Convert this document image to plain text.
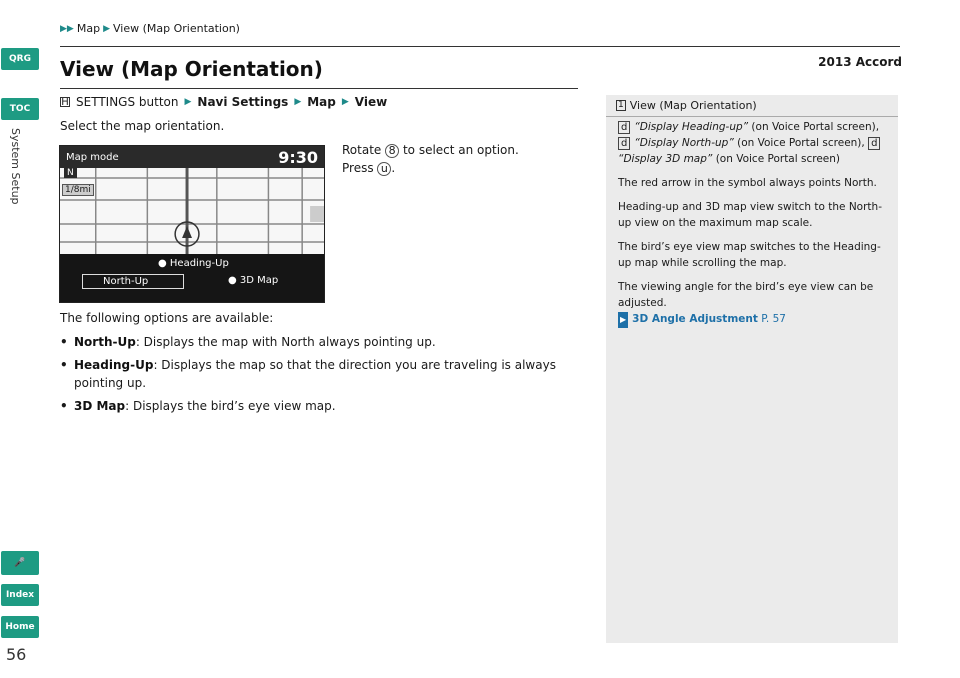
QRG
TOC
System Setup
🎤
Index
Home
56
▶▶ Map ▶ View (Map Orientation)
2013 Accord
View (Map Orientation)
H SETTINGS button ▶ Navi Settings ▶ Map ▶ View
Select the map orientation.
Map mode	9:30
N
1/8mi
● Heading-Up
North-Up	● 3D Map
Rotate 8 to select an option.
Press u .
The following options are available:
• North-Up: Displays the map with North always pointing up.
• Heading-Up: Displays the map so that the direction you are traveling is always
pointing up.
• 3D Map: Displays the bird’s eye view map.
1 View (Map Orientation)

d “Display Heading-up” (on Voice Portal screen), d “Display North-up” (on Voice Portal screen), d“Display 3D map” (on Voice Portal screen)

The red arrow in the symbol always points North.

Heading-up and 3D map view switch to the North-up view on the maximum map scale.

The bird’s eye view map switches to the Heading-up map while scrolling the map.

The viewing angle for the bird’s eye view can be adjusted.
▶ 3D Angle Adjustment P. 57
